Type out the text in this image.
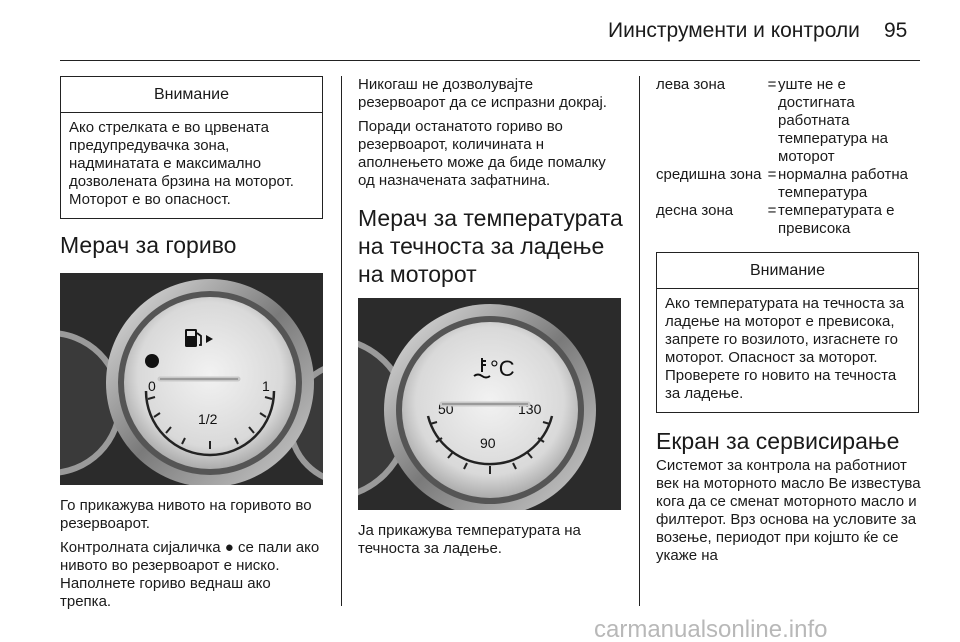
Иинструменти и контроли 95
Внимание
Ако стрелката е во црвената предупредувачка зона, надминатата е максимално дозволената брзина на моторот. Моторот е во опасност.
Мерач за гориво
0	1
1/2

Го прикажува нивото на горивото во резервоарот.

Контролната сијаличка ● се пали ако нивото во резервоарот е ниско. Наполнете гориво веднаш ако трепка.

Никогаш не дозволувајте резервоарот да се испразни докрај.

Поради останатото гориво во резервоарот, количината н аполнењето може да биде помалку од назначената зафатнина.

Мерач за температурата на течноста за ладење на моторот
°C
50	130
90

Ја прикажува температурата на течноста за ладење.

лева зона	= уште не е достигната работната температура на моторот
средишна зона = нормална работна температура
десна зона	= температурата е превисока
Внимание
Ако температурата на течноста за ладење на моторот е превисока, запрете го возилото, изгаснете го моторот. Опасност за моторот. Проверете го новито на течноста за ладење.
Екран за сервисирање

Системот за контрола на работниот век на моторното масло Ве известува кога да се сменат моторното масло и филтерот. Врз основа на условите за возење, периодот при којшто ќе се укаже на

carmanualsonline.info
